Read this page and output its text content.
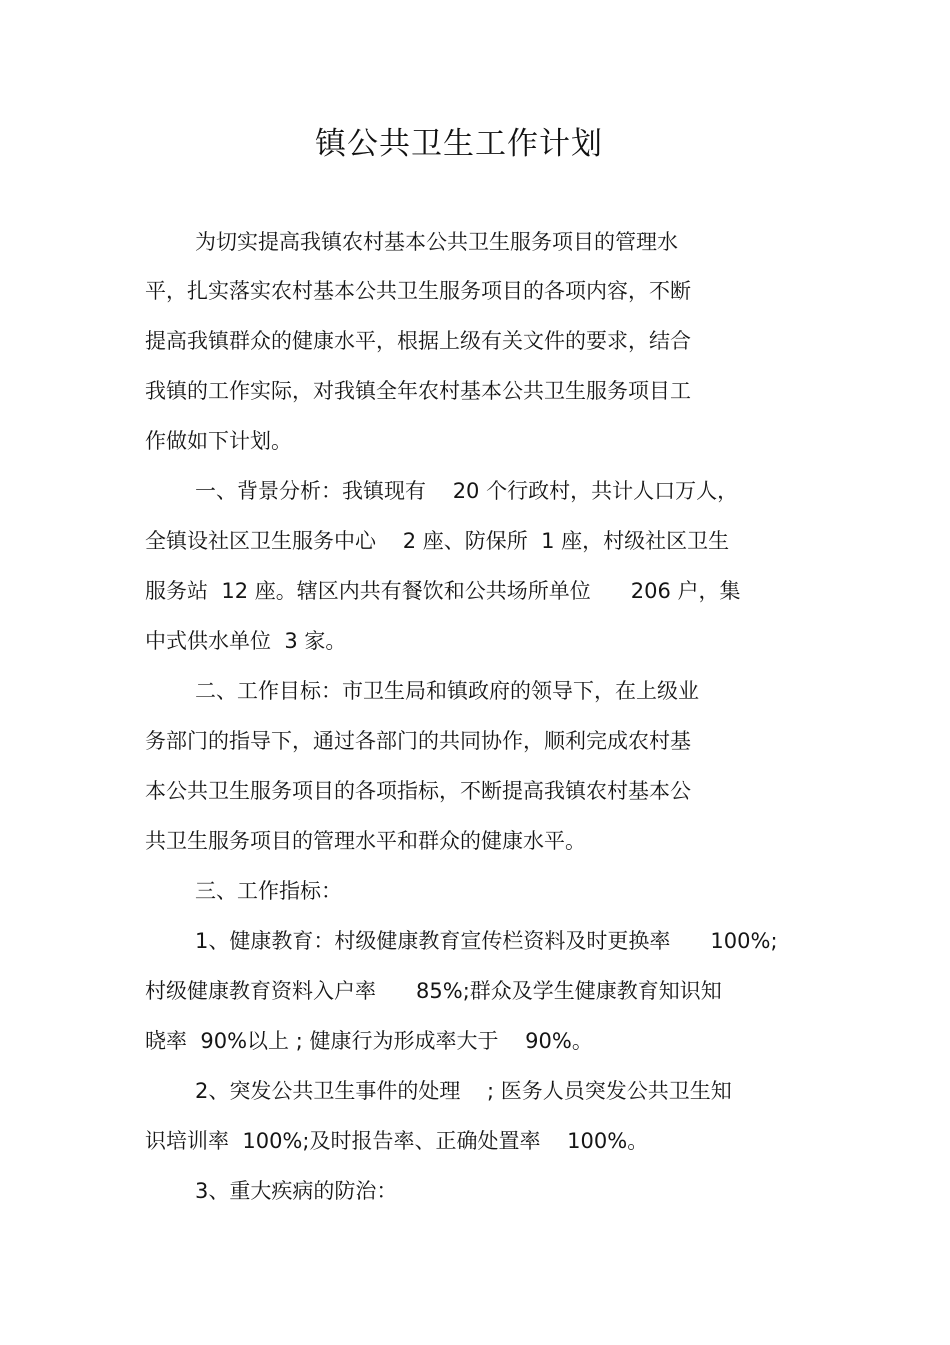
镇公共卫生工作计划
为切实提高我镇农村基本公共卫生服务项目的管理水
平，扎实落实农村基本公共卫生服务项目的各项内容，不断
提高我镇群众的健康水平，根据上级有关文件的要求，结合
我镇的工作实际，对我镇全年农村基本公共卫生服务项目工
作做如下计划。
一、背景分析：我镇现有    20 个行政村，共计人口万人，
全镇设社区卫生服务中心    2 座、防保所  1 座，村级社区卫生
服务站  12 座。辖区内共有餐饮和公共场所单位      206 户，集
中式供水单位  3 家。
二、工作目标：市卫生局和镇政府的领导下，在上级业
务部门的指导下，通过各部门的共同协作，顺利完成农村基
本公共卫生服务项目的各项指标，不断提高我镇农村基本公
共卫生服务项目的管理水平和群众的健康水平。
三、工作指标：
1、健康教育：村级健康教育宣传栏资料及时更换率      100%;
村级健康教育资料入户率      85%;群众及学生健康教育知识知
晓率  90%以上 ; 健康行为形成率大于    90%。
2、突发公共卫生事件的处理    ; 医务人员突发公共卫生知
识培训率  100%;及时报告率、正确处置率    100%。
3、重大疾病的防治：
